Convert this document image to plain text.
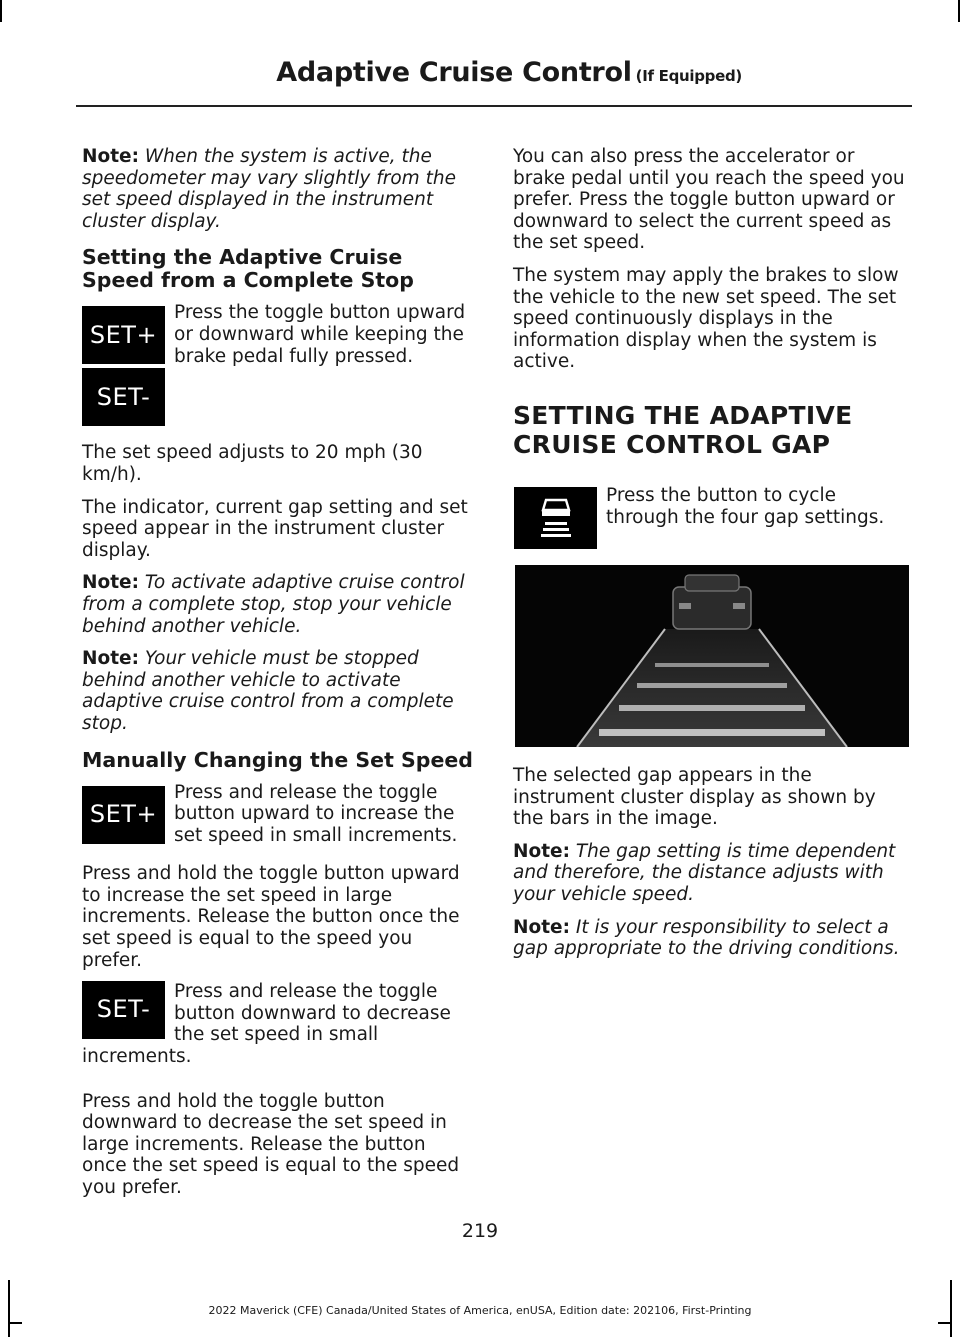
Adaptive Cruise Control (If Equipped)

Note: When the system is active, the speedometer may vary slightly from the set speed displayed in the instrument cluster display.

Setting the Adaptive Cruise Speed from a Complete Stop
SET+
SET-

Press the toggle button upward or downward while keeping the brake pedal fully pressed.

The set speed adjusts to 20 mph (30 km/h).

The indicator, current gap setting and set speed appear in the instrument cluster display.

Note: To activate adaptive cruise control from a complete stop, stop your vehicle behind another vehicle.

Note: Your vehicle must be stopped behind another vehicle to activate adaptive cruise control from a complete stop.

Manually Changing the Set Speed
SET+

Press and release the toggle button upward to increase the set speed in small increments.

Press and hold the toggle button upward to increase the set speed in large increments. Release the button once the set speed is equal to the speed you prefer.

SET-

Press and release the toggle button downward to decrease the set speed in small increments.

Press and hold the toggle button downward to decrease the set speed in large increments. Release the button once the set speed is equal to the speed you prefer.

You can also press the accelerator or brake pedal until you reach the speed you prefer. Press the toggle button upward or downward to select the current speed as the set speed.

The system may apply the brakes to slow the vehicle to the new set speed. The set speed continuously displays in the information display when the system is active.

SETTING THE ADAPTIVE
CRUISE CONTROL GAP

Press the button to cycle through the four gap settings.

The selected gap appears in the instrument cluster display as shown by the bars in the image.

Note: The gap setting is time dependent and therefore, the distance adjusts with your vehicle speed.

Note: It is your responsibility to select a gap appropriate to the driving conditions.

219
2022 Maverick (CFE) Canada/United States of America, enUSA, Edition date: 202106, First-Printing
